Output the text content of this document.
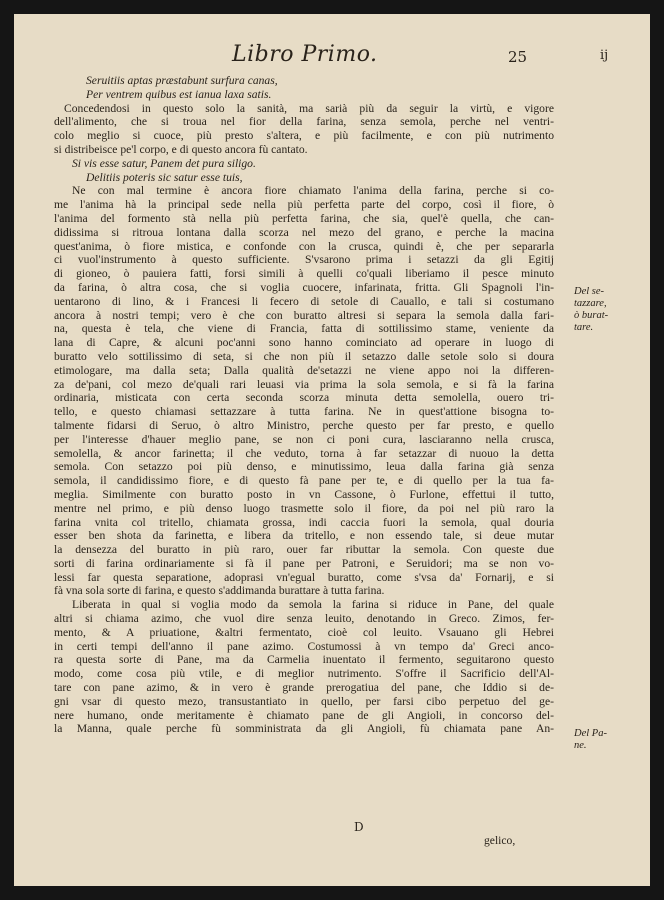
Libro Primo.	25	ij
Seruitiis aptas præstabunt surfura canas,
Per ventrem quibus est ianua laxa satis.
Concedendosi in questo solo la sanità, ma sarià più da seguir la virtù, e vigore
dell'alimento, che si troua nel fior della farina, senza semola, perche nel ventri-
colo meglio si cuoce, più presto s'altera, e più facilmente, e con più nutrimento
si distribeisce pe'l corpo, e di questo ancora fù cantato.
Si vis esse satur, Panem det pura siligo.
Delitiis poteris sic satur esse tuis,
Ne con mal termine è ancora fiore chiamato l'anima della farina, perche si co-
me l'anima hà la principal sede nella più perfetta parte del corpo, così il fiore, ò
l'anima del formento stà nella più perfetta farina, che sia, quel'è quella, che can-
didissima si ritroua lontana dalla scorza nel mezo del grano, e perche la macina
quest'anima, ò fiore mistica, e confonde con la crusca, quindi è, che per separarla
ci vuol'instrumento à questo sufficiente. S'vsarono prima i setazzi da gli Egitij
di gioneo, ò pauiera fatti, forsi simili à quelli co'quali liberiamo il pesce minuto
da farina, ò altra cosa, che si voglia cuocere, infarinata, fritta. Gli Spagnoli l'in-
uentarono di lino, & i Francesi li fecero di setole di Cauallo, e tali si costumano
ancora à nostri tempi; vero è che con buratto altresi si separa la semola dalla fari-
na, questa è tela, che viene di Francia, fatta di sottilissimo stame, veniente da
lana di Capre, & alcuni poc'anni sono hanno cominciato ad operare in luogo di
buratto velo sottilissimo di seta, si che non più il setazzo dalle setole solo si doura
etimologare, ma dalla seta; Dalla qualità de'setazzi ne viene appo noi la differen-
za de'pani, col mezo de'quali rari leuasi via prima la sola semola, e si fà la farina
ordinaria, misticata con certa seconda scorza minuta detta semolella, ouero tri-
tello, e questo chiamasi settazzare à tutta farina. Ne in quest'attione bisogna to-
talmente fidarsi di Seruo, ò altro Ministro, perche questo per far presto, e quello
per l'interesse d'hauer meglio pane, se non ci poni cura, lasciaranno nella crusca,
semolella, & ancor farinetta; il che veduto, torna à far setazzar di nuouo la detta
semola. Con setazzo poi più denso, e minutissimo, leua dalla farina già senza
semola, il candidissimo fiore, e di questo fà pane per te, e di quello per la tua fa-
meglia. Similmente con buratto posto in vn Cassone, ò Furlone, effettui il tutto,
mentre nel primo, e più denso luogo trasmette solo il fiore, da poi nel più raro la
farina vnita col tritello, chiamata grossa, indi caccia fuori la semola, qual douria
esser ben shota da farinetta, e libera da tritello, e non essendo tale, si deue mutar
la densezza del buratto in più raro, ouer far ributtar la semola. Con queste due
sorti di farina ordinariamente si fà il pane per Patroni, e Seruidori; ma se non vo-
lessi far questa separatione, adoprasi vn'egual buratto, come s'vsa da' Fornarij, e si
fà vna sola sorte di farina, e questo s'addimanda burattare à tutta farina.
Liberata in qual si voglia modo da semola la farina si riduce in Pane, del quale
altri si chiama azimo, che vuol dire senza leuito, denotando in Greco. Zimos, fer-
mento, & A priuatione, &altri fermentato, cioè col leuito. Vsauano gli Hebrei
in certi tempi dell'anno il pane azimo. Costumossi à vn tempo da' Greci anco-
ra questa sorte di Pane, ma da Carmelia inuentato il fermento, seguitarono questo
modo, come cosa più vtile, e di meglior nutrimento. S'offre il Sacrificio dell'Al-
tare con pane azimo, & in vero è grande prerogatiua del pane, che Iddio si de-
gni vsar di questo mezo, transustantiato in quello, per farsi cibo perpetuo del ge-
nere humano, onde meritamente è chiamato pane de gli Angioli, in concorso del-
la Manna, quale perche fù somministrata da gli Angioli, fù chiamata pane An-
Del se-
tazzare,
ò burat-
tare.
Del Pa-
ne.
D
gelico,
